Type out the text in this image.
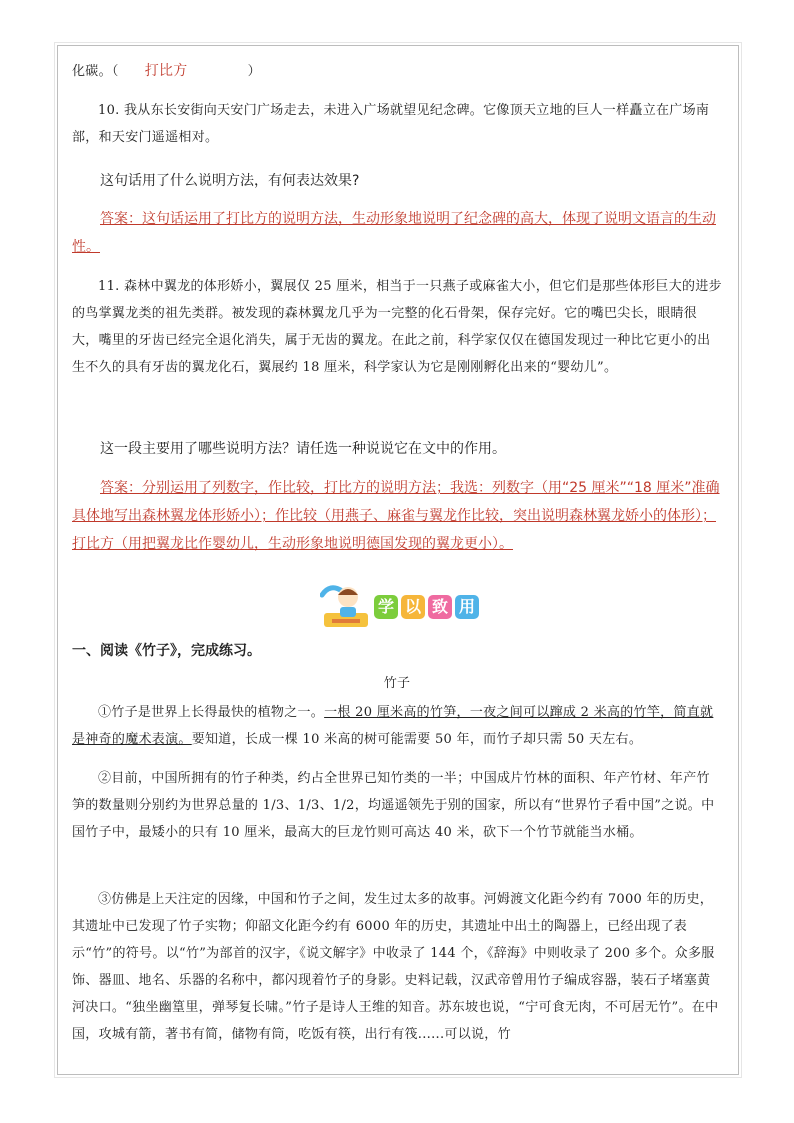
化碳。（ 打比方	）
10. 我从东长安街向天安门广场走去，未进入广场就望见纪念碑。它像顶天立地的巨人一样矗立在广场南部，和天安门遥遥相对。
这句话用了什么说明方法，有何表达效果?
答案：这句话运用了打比方的说明方法，生动形象地说明了纪念碑的高大，体现了说明文语言的生动性。
11. 森林中翼龙的体形娇小，翼展仅 25 厘米，相当于一只燕子或麻雀大小，但它们是那些体形巨大的进步的鸟掌翼龙类的祖先类群。被发现的森林翼龙几乎为一完整的化石骨架，保存完好。它的嘴巴尖长，眼睛很大，嘴里的牙齿已经完全退化消失，属于无齿的翼龙。在此之前，科学家仅仅在德国发现过一种比它更小的出生不久的具有牙齿的翼龙化石，翼展约 18 厘米，科学家认为它是刚刚孵化出来的“婴幼儿”。
这一段主要用了哪些说明方法？请任选一种说说它在文中的作用。
答案：分别运用了列数字，作比较，打比方的说明方法；我选：列数字（用“25 厘米”“18 厘米”准确具体地写出森林翼龙体形娇小）；作比较（用燕子、麻雀与翼龙作比较，突出说明森林翼龙娇小的体形）；打比方（用把翼龙比作婴幼儿，生动形象地说明德国发现的翼龙更小）。
学 以 致 用
一、阅读《竹子》，完成练习。
竹子
①竹子是世界上长得最快的植物之一。一根 20 厘米高的竹笋，一夜之间可以蹿成 2 米高的竹竿，简直就是神奇的魔术表演。要知道，长成一棵 10 米高的树可能需要 50 年，而竹子却只需 50 天左右。
②目前，中国所拥有的竹子种类，约占全世界已知竹类的一半；中国成片竹林的面积、年产竹材、年产竹笋的数量则分别约为世界总量的 1/3、1/3、1/2，均遥遥领先于别的国家，所以有“世界竹子看中国”之说。中国竹子中，最矮小的只有 10 厘米，最高大的巨龙竹则可高达 40 米，砍下一个竹节就能当水桶。
③仿佛是上天注定的因缘，中国和竹子之间，发生过太多的故事。河姆渡文化距今约有 7000 年的历史，其遗址中已发现了竹子实物；仰韶文化距今约有 6000 年的历史，其遗址中出土的陶器上，已经出现了表示“竹”的符号。以“竹”为部首的汉字，《说文解字》中收录了 144 个，《辞海》中则收录了 200 多个。众多服饰、器皿、地名、乐器的名称中，都闪现着竹子的身影。史料记载，汉武帝曾用竹子编成容器，装石子堵塞黄河决口。“独坐幽篁里，弹琴复长啸。”竹子是诗人王维的知音。苏东坡也说，“宁可食无肉，不可居无竹”。在中国，攻城有箭，著书有简，储物有筒，吃饭有筷，出行有筏......可以说，竹
